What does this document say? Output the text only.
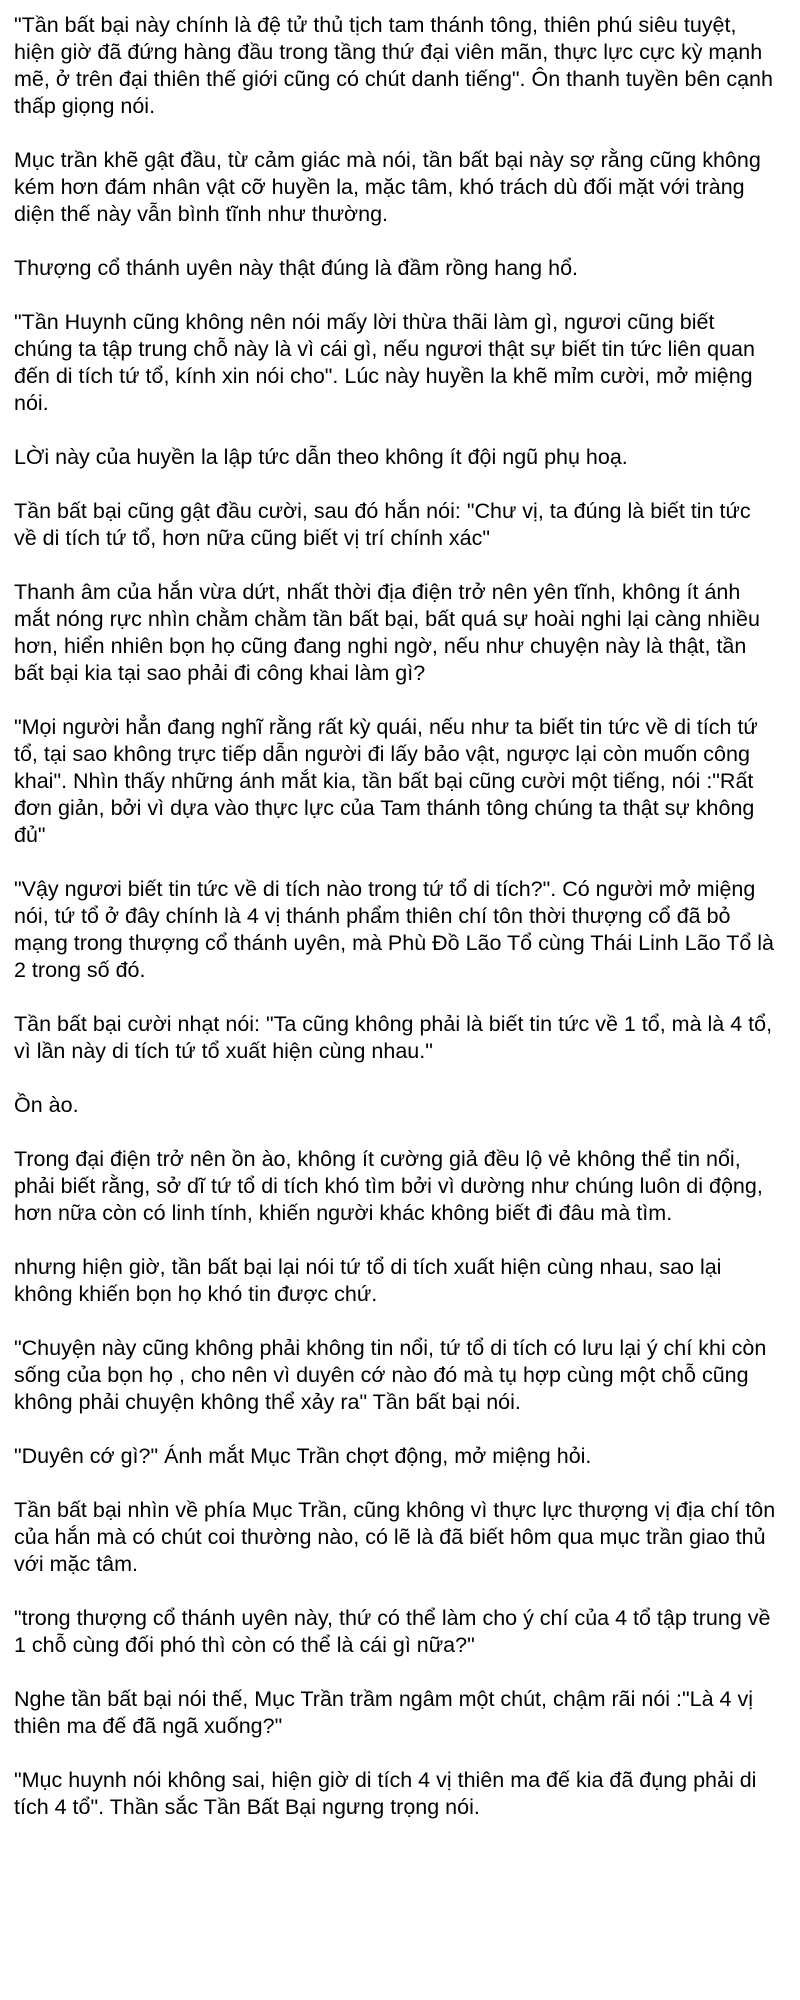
"Tần bất bại này chính là đệ tử thủ tịch tam thánh tông, thiên phú siêu tuyệt, hiện giờ đã đứng hàng đầu trong tầng thứ đại viên mãn, thực lực cực kỳ mạnh mẽ, ở trên đại thiên thế giới cũng có chút danh tiếng". Ôn thanh tuyền bên cạnh thấp giọng nói.

Mục trần khẽ gật đầu, từ cảm giác mà nói, tần bất bại này sợ rằng cũng không kém hơn đám nhân vật cỡ huyền la, mặc tâm, khó trách dù đối mặt với tràng diện thế này vẫn bình tĩnh như thường.

Thượng cổ thánh uyên này thật đúng là đầm rồng hang hổ.

"Tần Huynh cũng không nên nói mấy lời thừa thãi làm gì, ngươi cũng biết chúng ta tập trung chỗ này là vì cái gì, nếu ngươi thật sự biết tin tức liên quan đến di tích tứ tổ, kính xin nói cho". Lúc này huyền la khẽ mỉm cười, mở miệng nói.

LỜi này của huyền la lập tức dẫn theo không ít đội ngũ phụ hoạ.

Tần bất bại cũng gật đầu cười, sau đó hắn nói: "Chư vị, ta đúng là biết tin tức về di tích tứ tổ, hơn nữa cũng biết vị trí chính xác"

Thanh âm của hắn vừa dứt, nhất thời địa điện trở nên yên tĩnh, không ít ánh mắt nóng rực nhìn chằm chằm tần bất bại, bất quá sự hoài nghi lại càng nhiều hơn, hiển nhiên bọn họ cũng đang nghi ngờ, nếu như chuyện này là thật, tần bất bại kia tại sao phải đi công khai làm gì?

"Mọi người hẳn đang nghĩ rằng rất kỳ quái, nếu như ta biết tin tức về di tích tứ tổ, tại sao không trực tiếp dẫn người đi lấy bảo vật, ngược lại còn muốn công khai". Nhìn thấy những ánh mắt kia, tần bất bại cũng cười một tiếng, nói :"Rất đơn giản, bởi vì dựa vào thực lực của Tam thánh tông chúng ta thật sự không đủ"

"Vậy ngươi biết tin tức về di tích nào trong tứ tổ di tích?". Có người mở miệng nói, tứ tổ ở đây chính là 4 vị thánh phẩm thiên chí tôn thời thượng cổ đã bỏ mạng trong thượng cổ thánh uyên, mà Phù Đồ Lão Tổ cùng Thái Linh Lão Tổ là 2 trong số đó.

Tần bất bại cười nhạt nói: "Ta cũng không phải là biết tin tức về 1 tổ, mà là 4 tổ, vì lần này di tích tứ tổ xuất hiện cùng nhau."

Ồn ào.

Trong đại điện trở nên ồn ào, không ít cường giả đều lộ vẻ không thể tin nổi, phải biết rằng, sở dĩ tứ tổ di tích khó tìm bởi vì dường như chúng luôn di động, hơn nữa còn có linh tính, khiến người khác không biết đi đâu mà tìm.

nhưng hiện giờ, tần bất bại lại nói tứ tổ di tích xuất hiện cùng nhau, sao lại không khiến bọn họ khó tin được chứ.

"Chuyện này cũng không phải không tin nổi, tứ tổ di tích có lưu lại ý chí khi còn sống của bọn họ , cho nên vì duyên cớ nào đó mà tụ hợp cùng một chỗ cũng không phải chuyện không thể xảy ra" Tần bất bại nói.

"Duyên cớ gì?" Ánh mắt Mục Trần chợt động, mở miệng hỏi.

Tần bất bại nhìn về phía Mục Trần, cũng không vì thực lực thượng vị địa chí tôn của hắn mà có chút coi thường nào, có lẽ là đã biết hôm qua mục trần giao thủ với mặc tâm.

"trong thượng cổ thánh uyên này, thứ có thể làm cho ý chí của 4 tổ tập trung về 1 chỗ cùng đối phó thì còn có thể là cái gì nữa?"

Nghe tần bất bại nói thế, Mục Trần trầm ngâm một chút, chậm rãi nói :"Là 4 vị thiên ma đế đã ngã xuống?"

"Mục huynh nói không sai, hiện giờ di tích 4 vị thiên ma đế kia đã đụng phải di tích 4 tổ". Thần sắc Tần Bất Bại ngưng trọng nói.
